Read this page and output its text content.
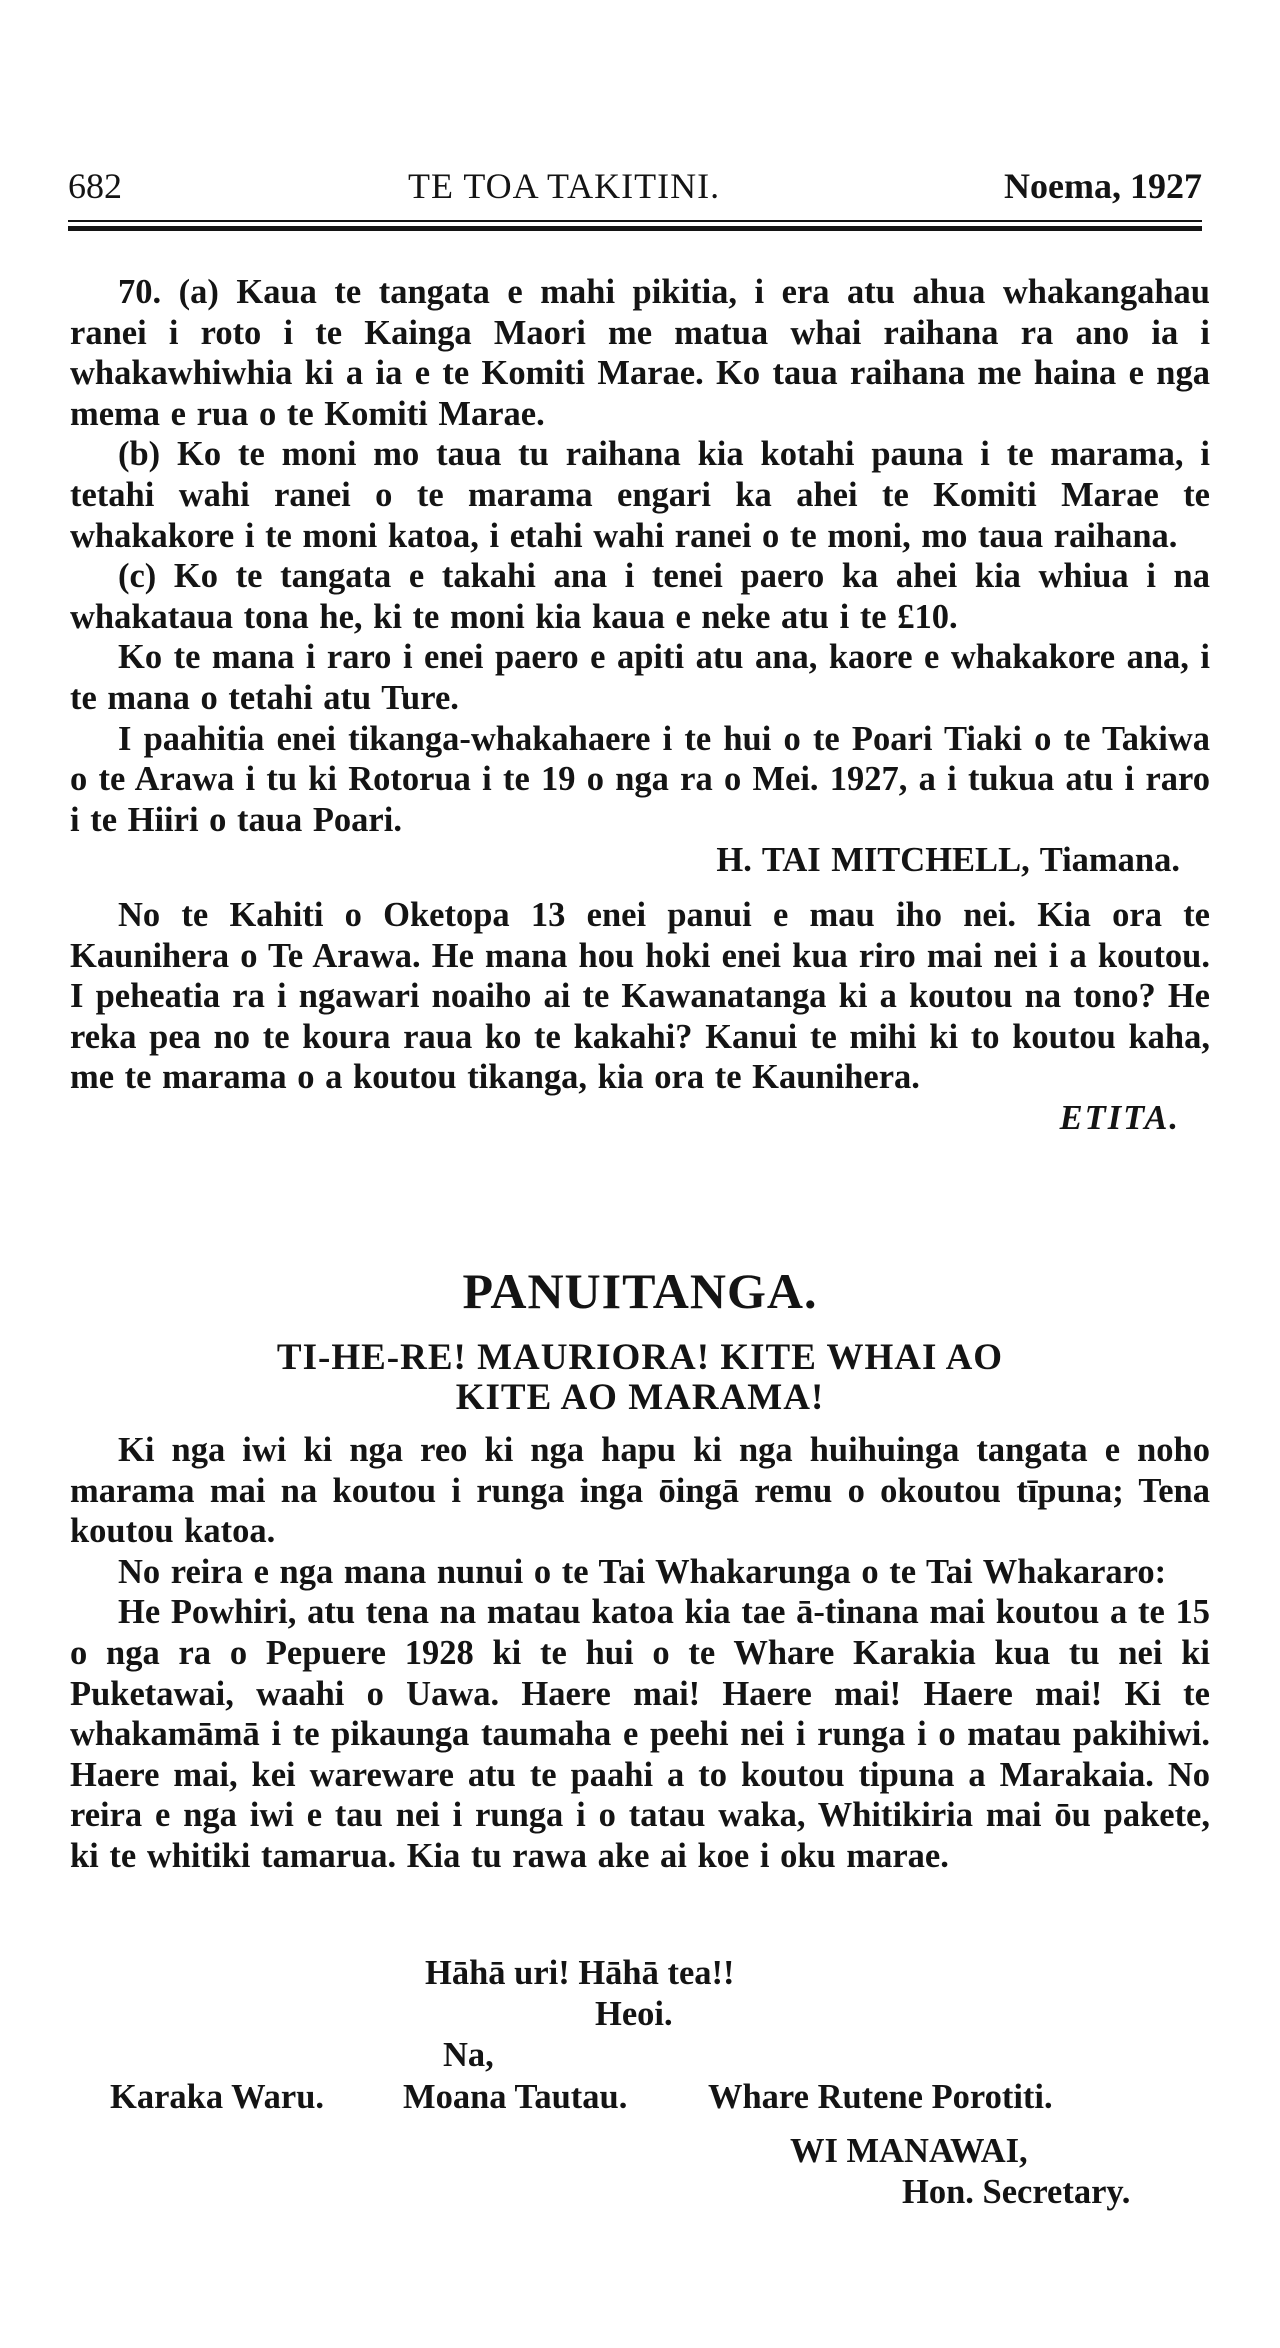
682	TE TOA TAKITINI.	Noema, 1927

70. (a) Kaua te tangata e mahi pikitia, i era atu ahua whakangahau ranei i roto i te Kainga Maori me matua whai raihana ra ano ia i whakawhiwhia ki a ia e te Komiti Marae. Ko taua raihana me haina e nga mema e rua o te Komiti Marae.

(b) Ko te moni mo taua tu raihana kia kotahi pauna i te marama, i tetahi wahi ranei o te marama engari ka ahei te Komiti Marae te whakakore i te moni katoa, i etahi wahi ranei o te moni, mo taua raihana.

(c) Ko te tangata e takahi ana i tenei paero ka ahei kia whiua i na whakataua tona he, ki te moni kia kaua e neke atu i te £10.

Ko te mana i raro i enei paero e apiti atu ana, kaore e whakakore ana, i te mana o tetahi atu Ture.

I paahitia enei tikanga-whakahaere i te hui o te Poari Tiaki o te Takiwa o te Arawa i tu ki Rotorua i te 19 o nga ra o Mei. 1927, a i tukua atu i raro i te Hiiri o taua Poari.

H. TAI MITCHELL, Tiamana.

No te Kahiti o Oketopa 13 enei panui e mau iho nei. Kia ora te Kaunihera o Te Arawa. He mana hou hoki enei kua riro mai nei i a koutou. I peheatia ra i ngawari noaiho ai te Kawanatanga ki a koutou na tono? He reka pea no te koura raua ko te kakahi? Kanui te mihi ki to koutou kaha, me te marama o a koutou tikanga, kia ora te Kaunihera.

ETITA.

PANUITANGA.
TI-HE-RE! MAURIORA! KITE WHAI AO
KITE AO MARAMA!

Ki nga iwi ki nga reo ki nga hapu ki nga huihuinga tangata e noho marama mai na koutou i runga inga ōingā remu o okoutou tīpuna; Tena koutou katoa.

No reira e nga mana nunui o te Tai Whakarunga o te Tai Whakararo:

He Powhiri, atu tena na matau katoa kia tae ā-tinana mai koutou a te 15 o nga ra o Pepuere 1928 ki te hui o te Whare Karakia kua tu nei ki Puketawai, waahi o Uawa. Haere mai! Haere mai! Haere mai! Ki te whakamāmā i te pikaunga taumaha e peehi nei i runga i o matau pakihiwi. Haere mai, kei wareware atu te paahi a to koutou tipuna a Marakaia. No reira e nga iwi e tau nei i runga i o tatau waka, Whitikiria mai ōu pakete, ki te whitiki tamarua. Kia tu rawa ake ai koe i oku marae.

Hāhā uri! Hāhā tea!!
Heoi.
Na,
Karaka Waru. Moana Tautau. Whare Rutene Porotiti.
WI MANAWAI,
Hon. Secretary.
